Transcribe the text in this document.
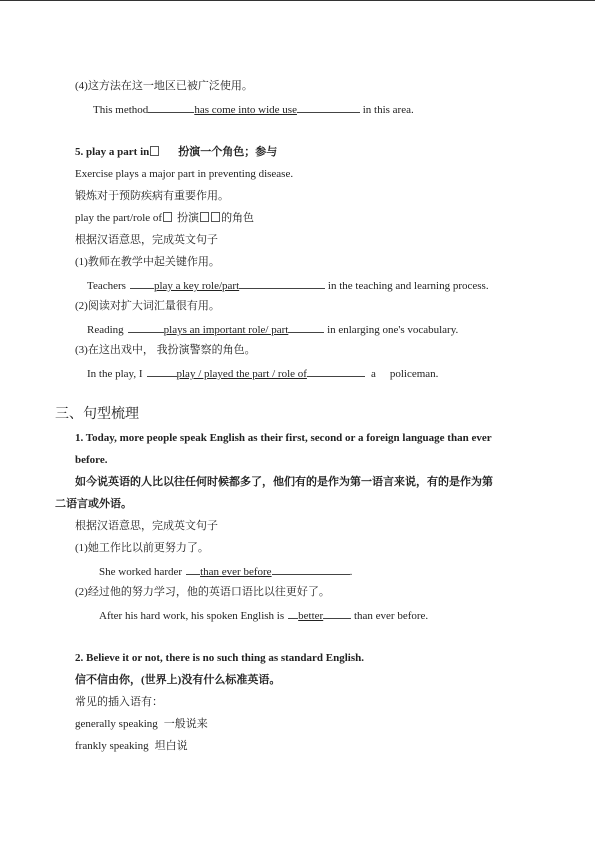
(4)这方法在这一地区已被广泛使用。
This method	has come into wide use	in this area.
5. play a part in	扮演一个角色；参与
Exercise plays a major part in preventing disease.
锻炼对于预防疾病有重要作用。
play the part/role of 扮演 的角色
根据汉语意思，完成英文句子
(1)教师在教学中起关键作用。
Teachers	play a key role/part	in the teaching and learning process.
(2)阅读对扩大词汇量很有用。
Reading	plays an important role/ part	in enlarging one's vocabulary.
(3)在这出戏中， 我扮演警察的角色。
In the play, I	play / played the part / role of	a policeman.
三、句型梳理
1. Today, more people speak English as their first, second or a foreign language than ever
before.
如今说英语的人比以往任何时候都多了，他们有的是作为第一语言来说，有的是作为第
二语言或外语。
根据汉语意思，完成英文句子
(1)她工作比以前更努力了。
She worked harder than ever before	.
(2)经过他的努力学习，他的英语口语比以往更好了。
After his hard work, his spoken English is better	than ever before.
2. Believe it or not, there is no such thing as standard English.
信不信由你，(世界上)没有什么标准英语。
常见的插入语有：
generally speaking 一般说来
frankly speaking 坦白说
